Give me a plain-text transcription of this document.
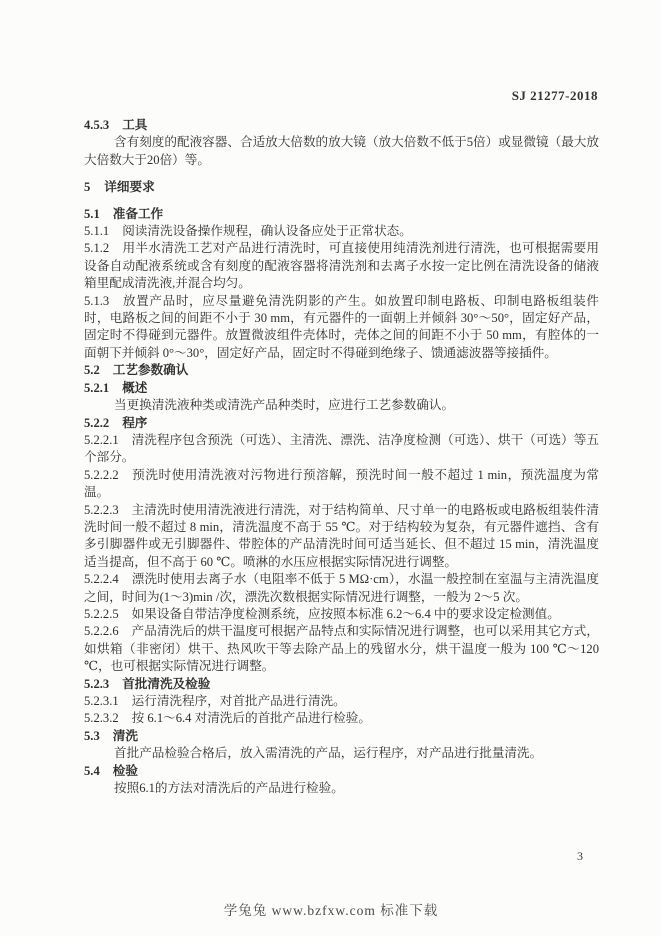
SJ 21277-2018

4.5.3 工具

含有刻度的配液容器、合适放大倍数的放大镜（放大倍数不低于5倍）或显微镜（最大放大倍数大于20倍）等。

5 详细要求

5.1 准备工作

5.1.1 阅读清洗设备操作规程，确认设备应处于正常状态。

5.1.2 用半水清洗工艺对产品进行清洗时，可直接使用纯清洗剂进行清洗，也可根据需要用设备自动配液系统或含有刻度的配液容器将清洗剂和去离子水按一定比例在清洗设备的储液箱里配成清洗液,并混合均匀。

5.1.3 放置产品时，应尽量避免清洗阴影的产生。如放置印制电路板、印制电路板组装件时，电路板之间的间距不小于 30 mm，有元器件的一面朝上并倾斜 30°～50°，固定好产品，固定时不得碰到元器件。放置微波组件壳体时，壳体之间的间距不小于 50 mm，有腔体的一面朝下并倾斜 0°～30°，固定好产品，固定时不得碰到绝缘子、馈通滤波器等接插件。

5.2 工艺参数确认

5.2.1 概述

当更换清洗液种类或清洗产品种类时，应进行工艺参数确认。

5.2.2 程序

5.2.2.1 清洗程序包含预洗（可选）、主清洗、漂洗、洁净度检测（可选）、烘干（可选）等五个部分。

5.2.2.2 预洗时使用清洗液对污物进行预溶解，预洗时间一般不超过 1 min，预洗温度为常温。

5.2.2.3 主清洗时使用清洗液进行清洗，对于结构简单、尺寸单一的电路板或电路板组装件清洗时间一般不超过 8 min，清洗温度不高于 55 ℃。对于结构较为复杂，有元器件遮挡、含有多引脚器件或无引脚器件、带腔体的产品清洗时间可适当延长、但不超过 15 min，清洗温度适当提高，但不高于 60 ℃。喷淋的水压应根据实际情况进行调整。

5.2.2.4 漂洗时使用去离子水（电阻率不低于 5 MΩ·cm），水温一般控制在室温与主清洗温度之间，时间为(1～3)min /次，漂洗次数根据实际情况进行调整，一般为 2～5 次。

5.2.2.5 如果设备自带洁净度检测系统，应按照本标准 6.2～6.4 中的要求设定检测值。

5.2.2.6 产品清洗后的烘干温度可根据产品特点和实际情况进行调整，也可以采用其它方式，如烘箱（非密闭）烘干、热风吹干等去除产品上的残留水分，烘干温度一般为 100 ℃～120 ℃，也可根据实际情况进行调整。

5.2.3 首批清洗及检验

5.2.3.1 运行清洗程序，对首批产品进行清洗。

5.2.3.2 按 6.1～6.4 对清洗后的首批产品进行检验。

5.3 清洗

首批产品检验合格后，放入需清洗的产品，运行程序，对产品进行批量清洗。

5.4 检验

按照6.1的方法对清洗后的产品进行检验。

3
学兔兔 www.bzfxw.com 标准下载
